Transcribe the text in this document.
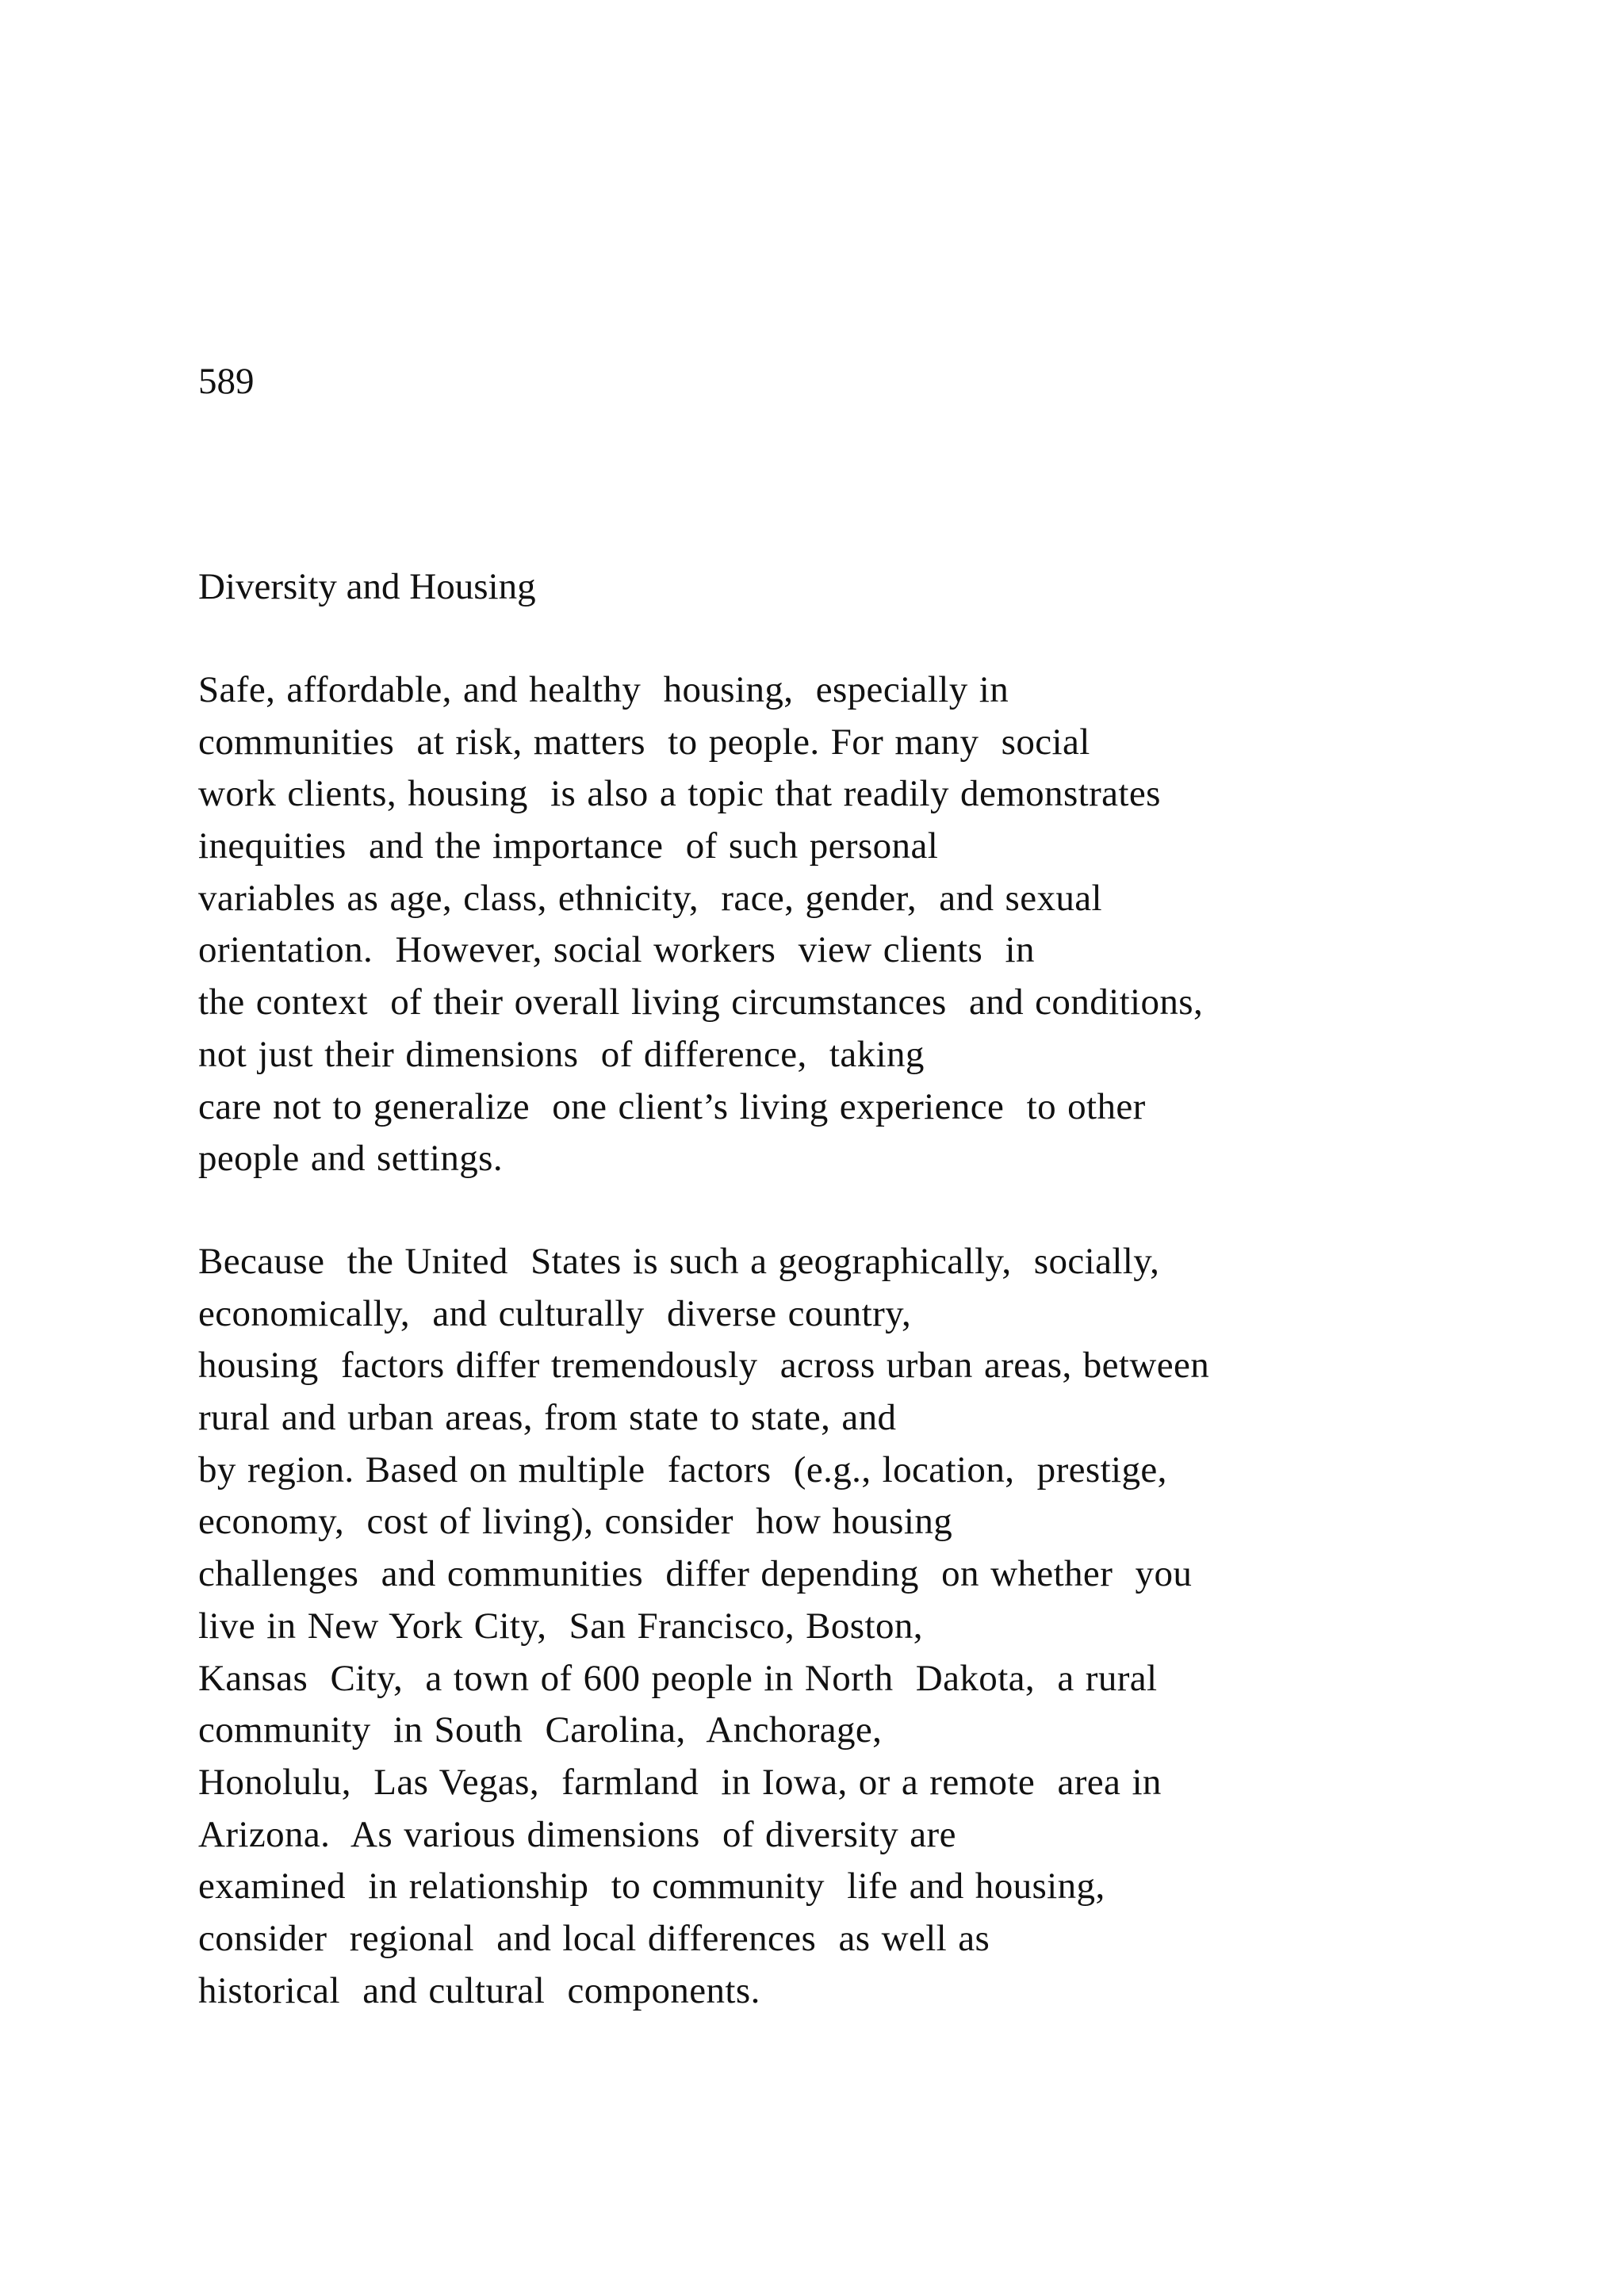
589
Diversity and Housing
Safe, affordable, and healthy  housing,  especially in
communities  at risk, matters  to people. For many  social
work clients, housing  is also a topic that readily demonstrates
inequities  and the importance  of such personal
variables as age, class, ethnicity,  race, gender,  and sexual
orientation.  However, social workers  view clients  in
the context  of their overall living circumstances  and conditions,
not just their dimensions  of difference,  taking
care not to generalize  one client’s living experience  to other
people and settings.
Because  the United  States is such a geographically,  socially,
economically,  and culturally  diverse country,
housing  factors differ tremendously  across urban areas, between
rural and urban areas, from state to state, and
by region. Based on multiple  factors  (e.g., location,  prestige,
economy,  cost of living), consider  how housing
challenges  and communities  differ depending  on whether  you
live in New York City,  San Francisco, Boston,
Kansas  City,  a town of 600 people in North  Dakota,  a rural
community  in South  Carolina,  Anchorage,
Honolulu,  Las Vegas,  farmland  in Iowa, or a remote  area in
Arizona.  As various dimensions  of diversity are
examined  in relationship  to community  life and housing,
consider  regional  and local differences  as well as
historical  and cultural  components.
